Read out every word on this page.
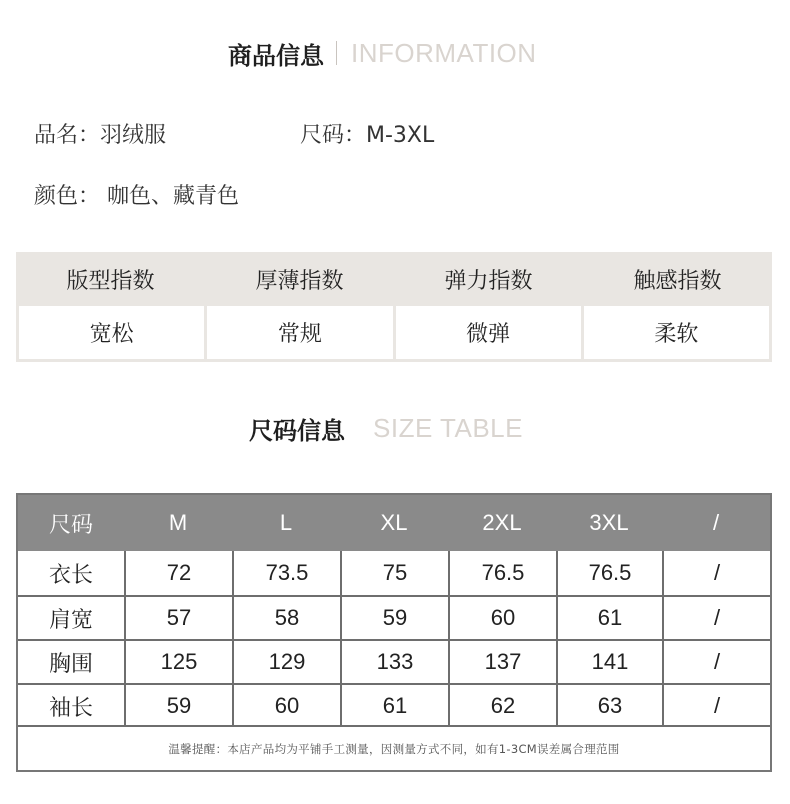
商品信息 INFORMATION
品名：羽绒服	尺码：M-3XL
颜色： 咖色、藏青色
版型指数	厚薄指数	弹力指数	触感指数
宽松	常规	微弹	柔软
尺码信息 SIZE TABLE
尺码	M	L	XL	2XL	3XL	/
衣长	72	73.5	75	76.5	76.5	/
肩宽	57	58	59	60	61	/
胸围	125	129	133	137	141	/
袖长	59	60	61	62	63	/
温馨提醒：本店产品均为平铺手工测量，因测量方式不同，如有1-3CM误差属合理范围
